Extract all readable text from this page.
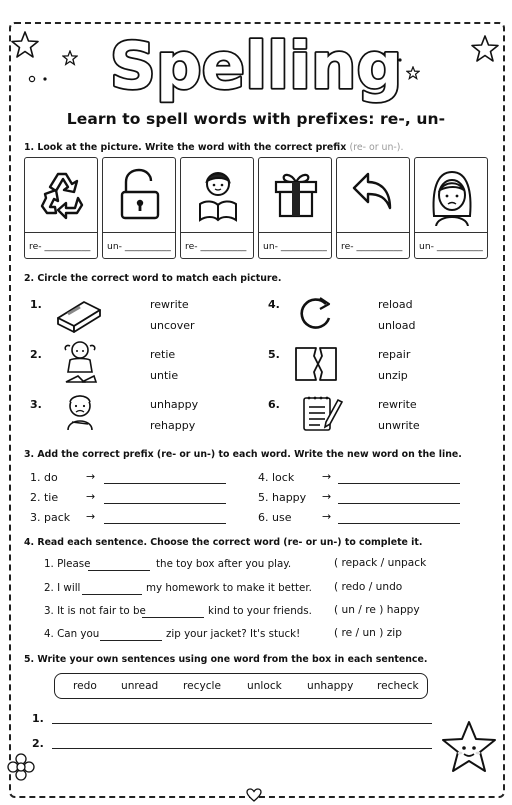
Spelling
Learn to spell words with prefixes: re-, un-
1. Look at the picture. Write the word with the correct prefix (re- or un-).
re- __________ un- __________ re- __________ un- __________ re- __________ un- __________
2. Circle the correct word to match each picture.
1.	rewrite
uncover
2.	retie
untie
3.	unhappy
rehappy
4.	reload
unload
5.	repair
unzip
6.	rewrite
unwrite
3. Add the correct prefix (re- or un-) to each word. Write the new word on the line.
1. do	→	4. lock	→
2. tie	→	5. happy →
3. pack →	6. use	→
4. Read each sentence. Choose the correct word (re- or un-) to complete it.
1. Please	the toy box after you play.	( repack / unpack
2. I will	my homework to make it better. ( redo / undo
3. It is not fair to be	kind to your friends. ( un / re ) happy
4. Can you	zip your jacket? It's stuck!	( re / un ) zip
5. Write your own sentences using one word from the box in each sentence.
redo unread recycle unlock unhappy recheck
1.
2.
